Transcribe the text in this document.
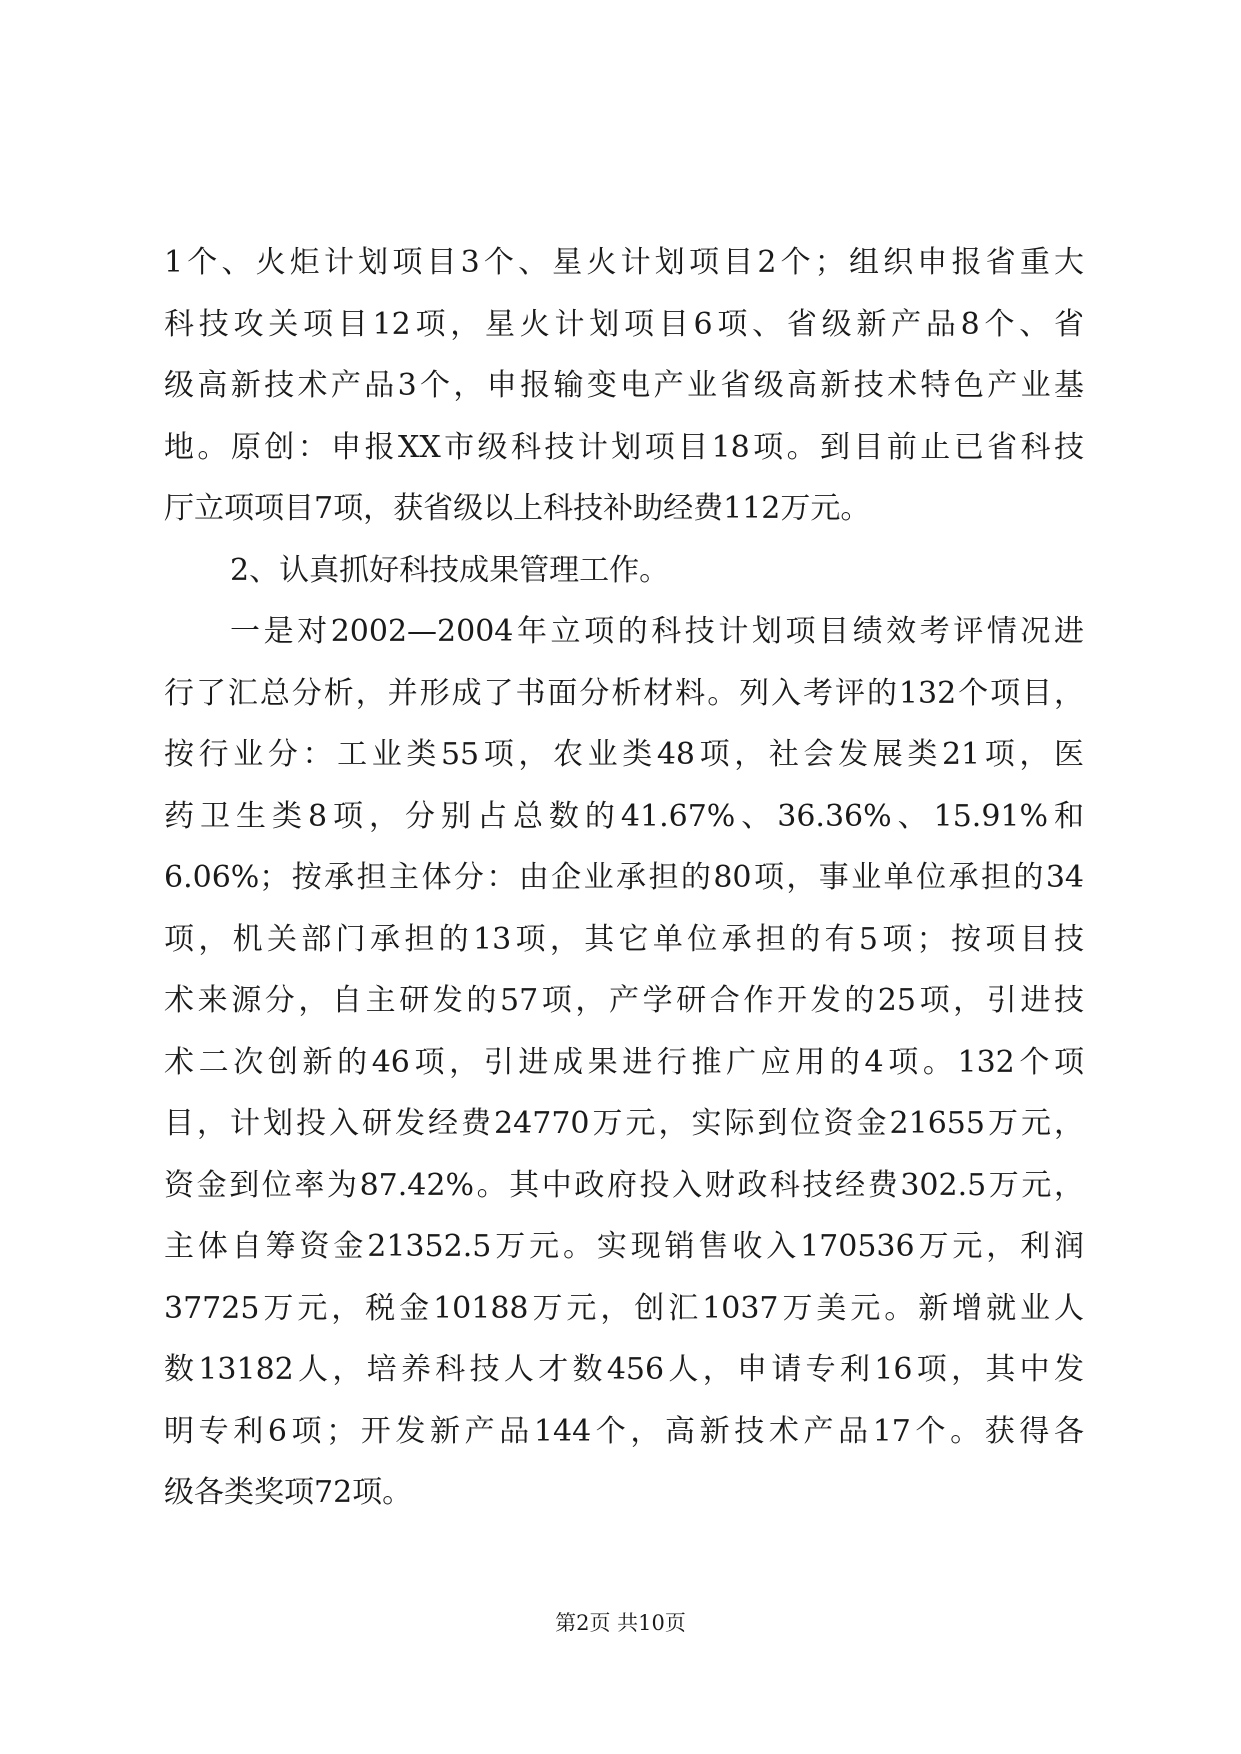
1个、火炬计划项目3个、星火计划项目2个；组织申报省重大
科技攻关项目12项，星火计划项目6项、省级新产品8个、省
级高新技术产品3个，申报输变电产业省级高新技术特色产业基
地。原创：申报XX市级科技计划项目18项。到目前止已省科技
厅立项项目7项，获省级以上科技补助经费112万元。
2、认真抓好科技成果管理工作。
一是对2002—2004年立项的科技计划项目绩效考评情况进
行了汇总分析，并形成了书面分析材料。列入考评的132个项目，
按行业分：工业类55项，农业类48项，社会发展类21项，医
药卫生类8项，分别占总数的41.67%、36.36%、15.91%和
6.06%；按承担主体分：由企业承担的80项，事业单位承担的34
项，机关部门承担的13项，其它单位承担的有5项；按项目技
术来源分，自主研发的57项，产学研合作开发的25项，引进技
术二次创新的46项，引进成果进行推广应用的4项。132个项
目，计划投入研发经费24770万元，实际到位资金21655万元，
资金到位率为87.42%。其中政府投入财政科技经费302.5万元，
主体自筹资金21352.5万元。实现销售收入170536万元，利润
37725万元，税金10188万元，创汇1037万美元。新增就业人
数13182人，培养科技人才数456人，申请专利16项，其中发
明专利6项；开发新产品144个，高新技术产品17个。获得各
级各类奖项72项。
第2页 共10页
